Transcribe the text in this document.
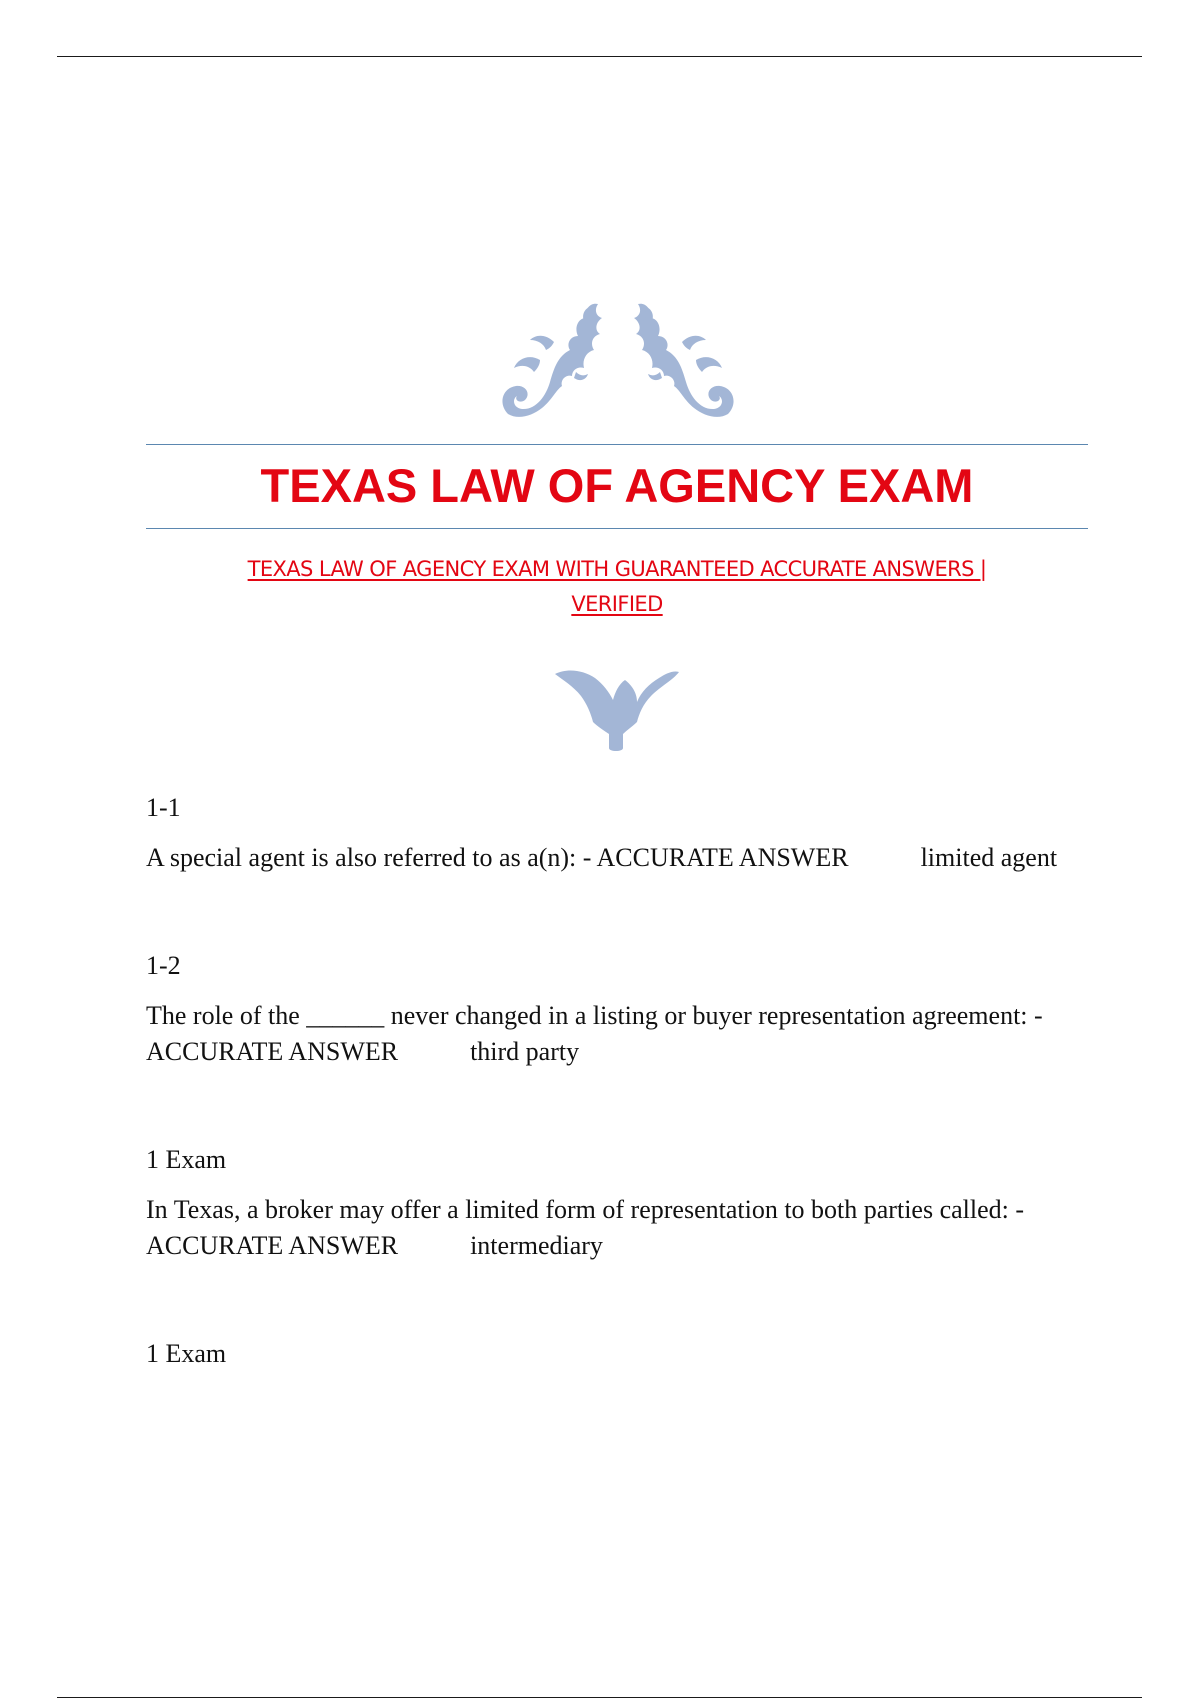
TEXAS LAW OF AGENCY EXAM

TEXAS LAW OF AGENCY EXAM WITH GUARANTEED ACCURATE ANSWERS |
VERIFIED

1-1

A special agent is also referred to as a(n): - ACCURATE ANSWER	limited agent

1-2

The role of the ______ never changed in a listing or buyer representation agreement: - ACCURATE ANSWER	third party

1 Exam

In Texas, a broker may offer a limited form of representation to both parties called: - ACCURATE ANSWER	intermediary

1 Exam
